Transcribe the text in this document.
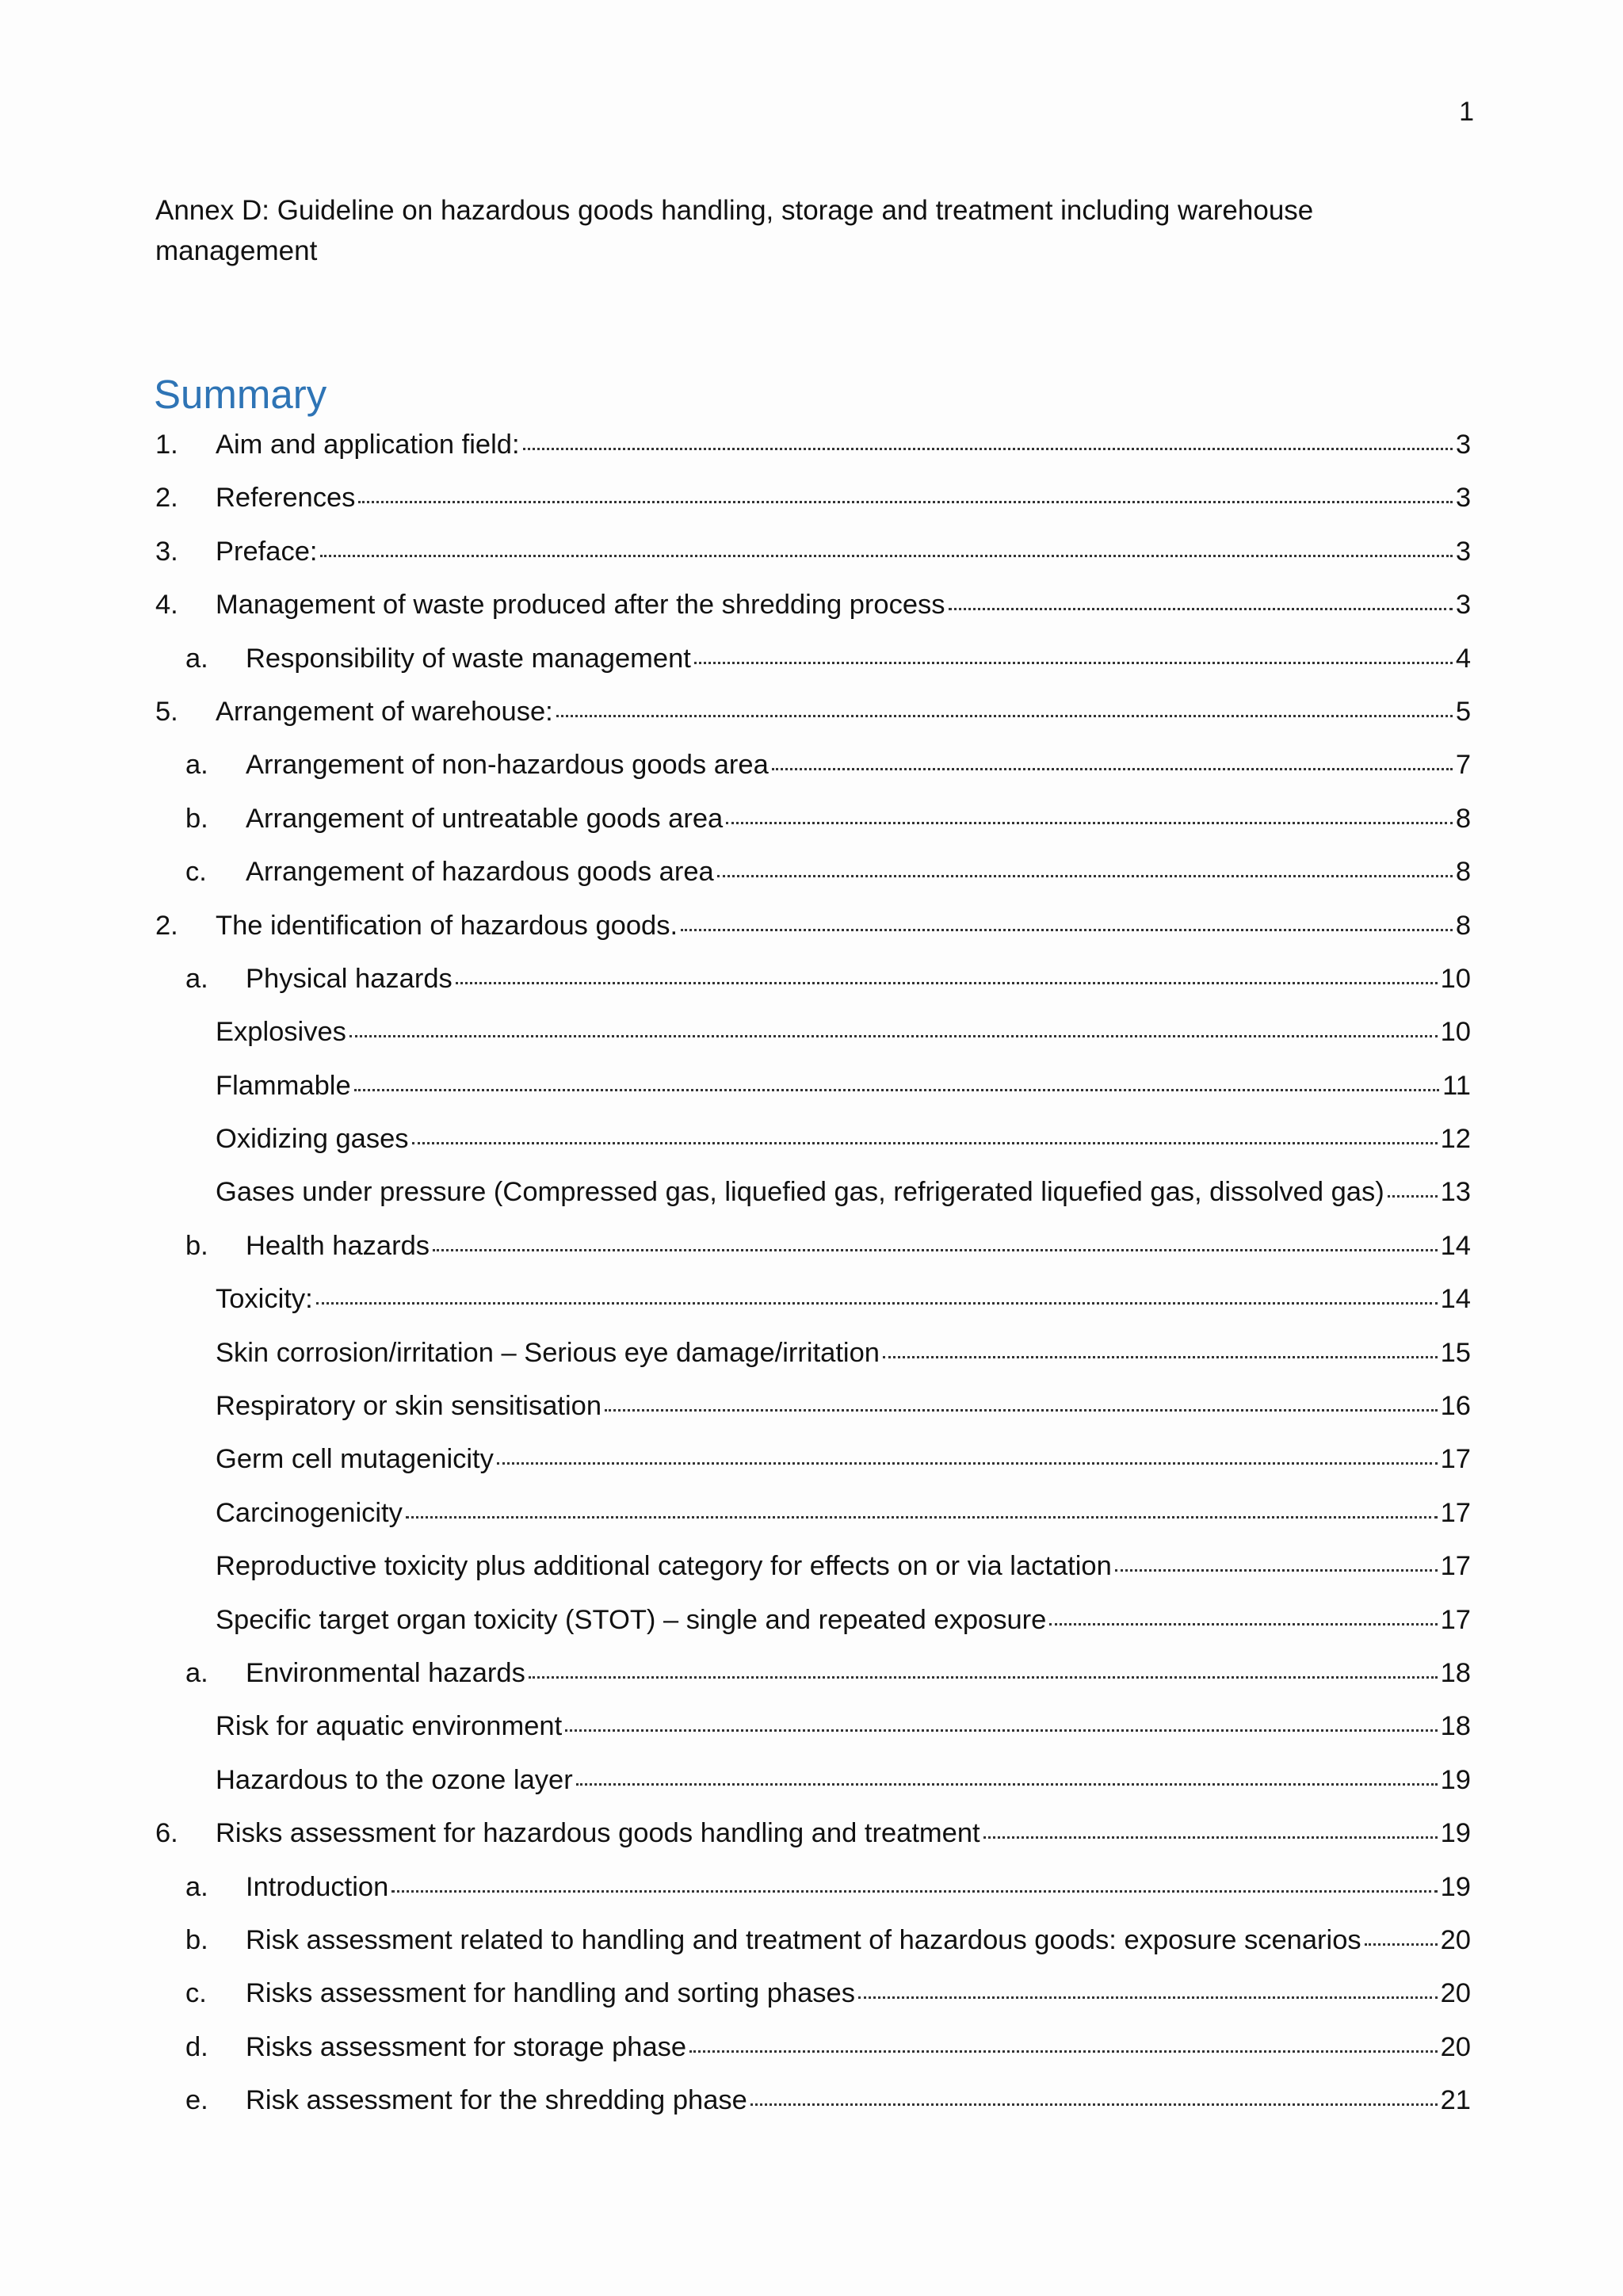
1
Annex D: Guideline on hazardous goods handling, storage and treatment including warehouse management
Summary
1.	Aim and application field:	3
2.	References	3
3.	Preface:	3
4.	Management of waste produced after the shredding process	3
a.	Responsibility of waste management	4
5.	Arrangement of warehouse:	5
a.	Arrangement of non-hazardous goods area	7
b.	Arrangement of untreatable goods area	8
c.	Arrangement of hazardous goods area	8
2.	The identification of hazardous goods.	8
a.	Physical hazards	10
Explosives	10
Flammable	11
Oxidizing gases	12
Gases under pressure (Compressed gas, liquefied gas, refrigerated liquefied gas, dissolved gas) 13
b.	Health hazards	14
Toxicity:	14
Skin corrosion/irritation – Serious eye damage/irritation	15
Respiratory or skin sensitisation	16
Germ cell mutagenicity	17
Carcinogenicity	17
Reproductive toxicity plus additional category for effects on or via lactation	17
Specific target organ toxicity (STOT) – single and repeated exposure	17
a.	Environmental hazards	18
Risk for aquatic environment	18
Hazardous to the ozone layer	19
6.	Risks assessment for hazardous goods handling and treatment	19
a.	Introduction	19
b.	Risk assessment related to handling and treatment of hazardous goods: exposure scenarios	20
c.	Risks assessment for handling and sorting phases	20
d.	Risks assessment for storage phase	20
e.	Risk assessment for the shredding phase	21
